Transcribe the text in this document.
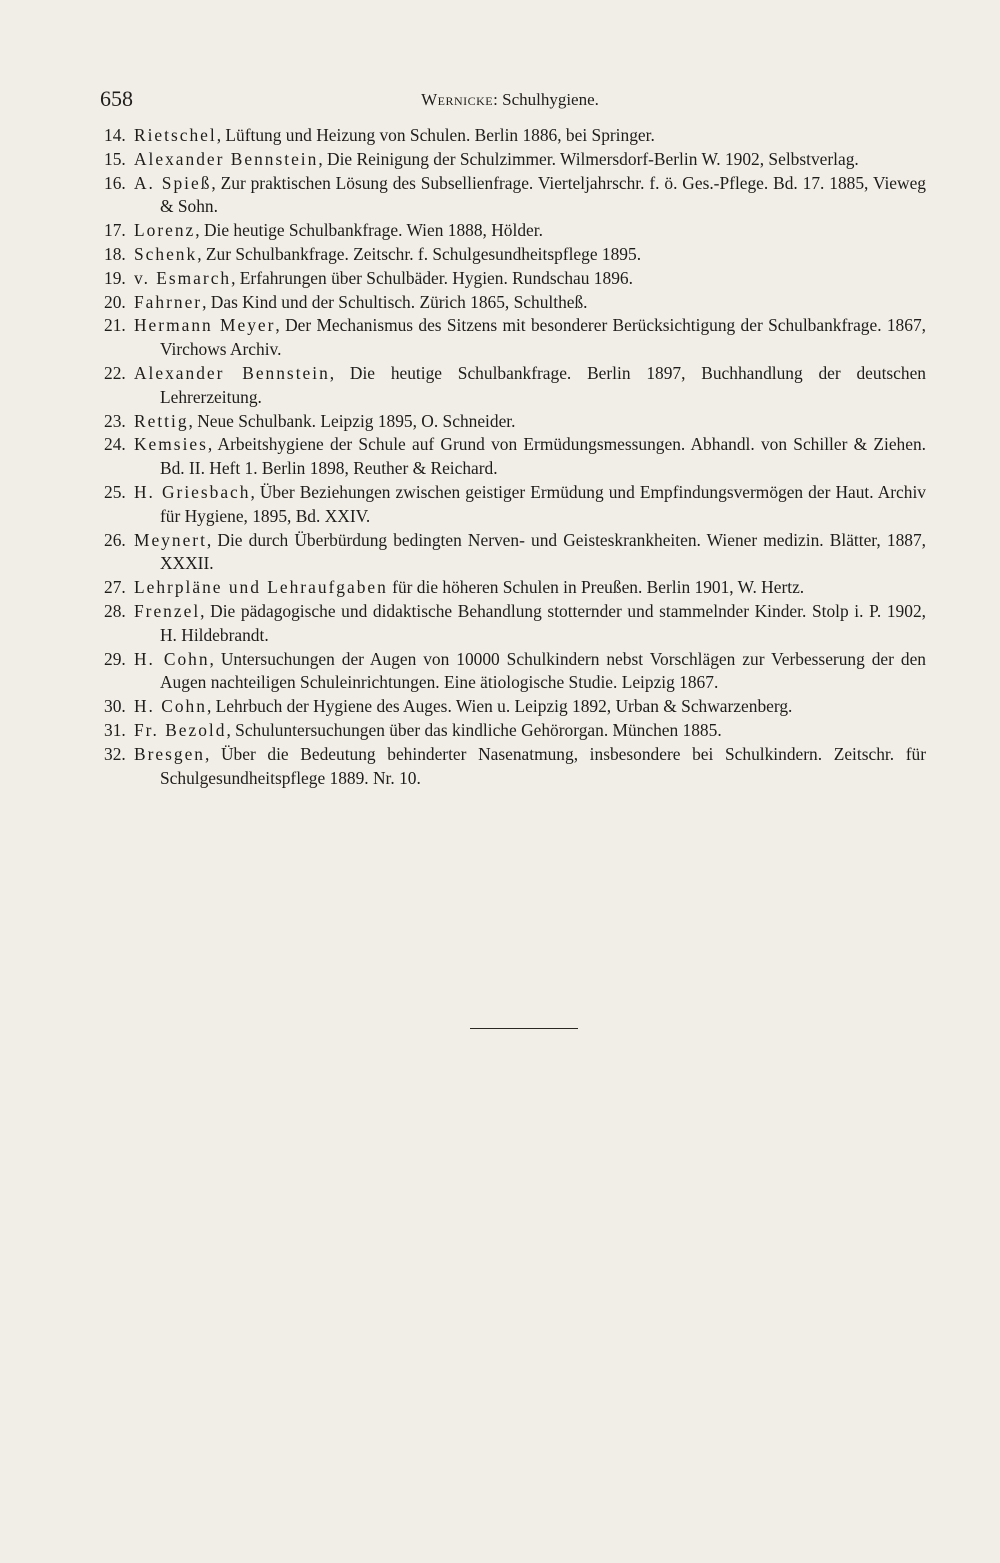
658	Wernicke: Schulhygiene.
14. Rietschel, Lüftung und Heizung von Schulen. Berlin 1886, bei Springer.
15. Alexander Bennstein, Die Reinigung der Schulzimmer. Wilmersdorf-Berlin W. 1902, Selbstverlag.
16. A. Spieß, Zur praktischen Lösung des Subsellienfrage. Vierteljahrschr. f. ö. Ges.-Pflege. Bd. 17. 1885, Vieweg & Sohn.
17. Lorenz, Die heutige Schulbankfrage. Wien 1888, Hölder.
18. Schenk, Zur Schulbankfrage. Zeitschr. f. Schulgesundheitspflege 1895.
19. v. Esmarch, Erfahrungen über Schulbäder. Hygien. Rundschau 1896.
20. Fahrner, Das Kind und der Schultisch. Zürich 1865, Schultheß.
21. Hermann Meyer, Der Mechanismus des Sitzens mit besonderer Berücksichtigung der Schulbankfrage. 1867, Virchows Archiv.
22. Alexander Bennstein, Die heutige Schulbankfrage. Berlin 1897, Buchhandlung der deutschen Lehrerzeitung.
23. Rettig, Neue Schulbank. Leipzig 1895, O. Schneider.
24. Kemsies, Arbeitshygiene der Schule auf Grund von Ermüdungsmessungen. Abhandl. von Schiller & Ziehen. Bd. II. Heft 1. Berlin 1898, Reuther & Reichard.
25. H. Griesbach, Über Beziehungen zwischen geistiger Ermüdung und Empfindungsvermögen der Haut. Archiv für Hygiene, 1895, Bd. XXIV.
26. Meynert, Die durch Überbürdung bedingten Nerven- und Geisteskrankheiten. Wiener medizin. Blätter, 1887, XXXII.
27. Lehrpläne und Lehraufgaben für die höheren Schulen in Preußen. Berlin 1901, W. Hertz.
28. Frenzel, Die pädagogische und didaktische Behandlung stotternder und stammelnder Kinder. Stolp i. P. 1902, H. Hildebrandt.
29. H. Cohn, Untersuchungen der Augen von 10000 Schulkindern nebst Vorschlägen zur Verbesserung der den Augen nachteiligen Schuleinrichtungen. Eine ätiologische Studie. Leipzig 1867.
30. H. Cohn, Lehrbuch der Hygiene des Auges. Wien u. Leipzig 1892, Urban & Schwarzenberg.
31. Fr. Bezold, Schuluntersuchungen über das kindliche Gehörorgan. München 1885.
32. Bresgen, Über die Bedeutung behinderter Nasenatmung, insbesondere bei Schulkindern. Zeitschr. für Schulgesundheitspflege 1889. Nr. 10.
